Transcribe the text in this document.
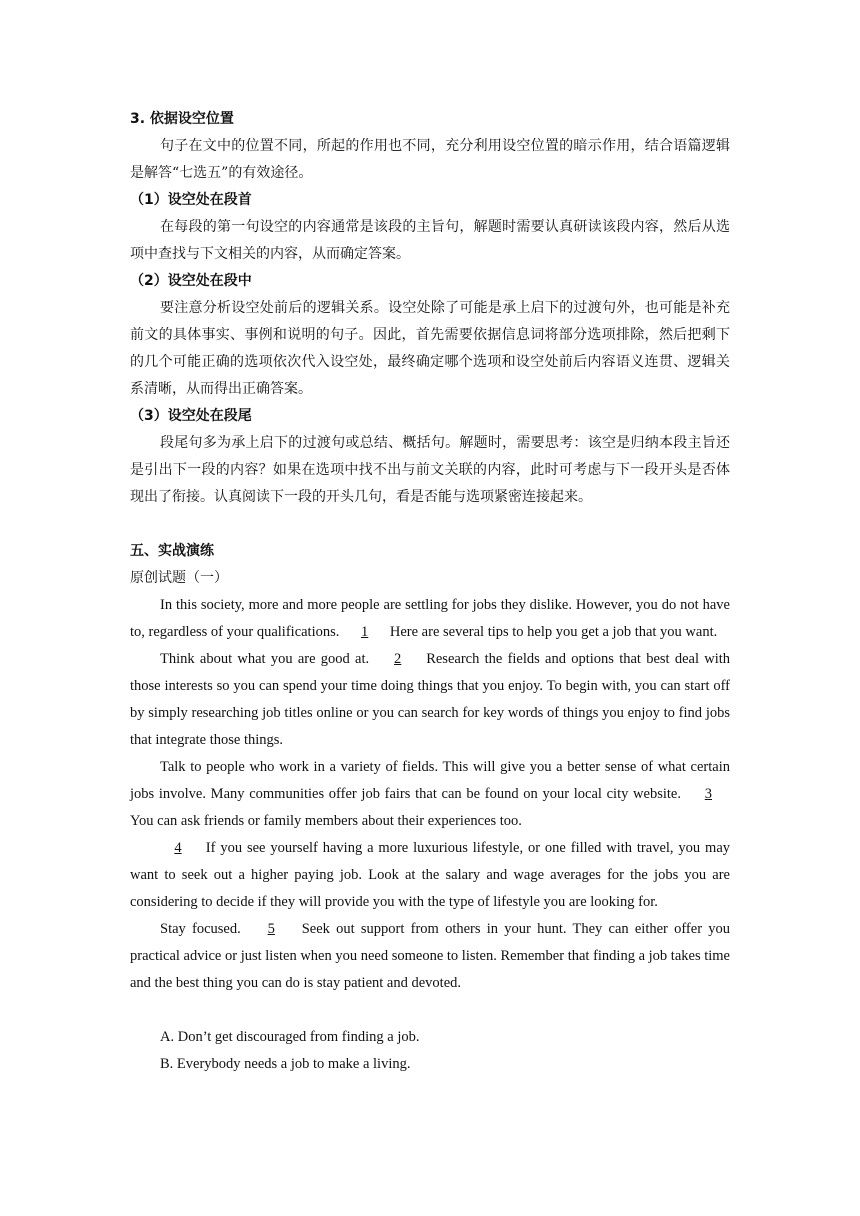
3. 依据设空位置

句子在文中的位置不同，所起的作用也不同，充分利用设空位置的暗示作用，结合语篇逻辑是解答“七选五”的有效途径。

（1）设空处在段首

在每段的第一句设空的内容通常是该段的主旨句，解题时需要认真研读该段内容，然后从选项中查找与下文相关的内容，从而确定答案。

（2）设空处在段中

要注意分析设空处前后的逻辑关系。设空处除了可能是承上启下的过渡句外，也可能是补充前文的具体事实、事例和说明的句子。因此，首先需要依据信息词将部分选项排除，然后把剩下的几个可能正确的选项依次代入设空处，最终确定哪个选项和设空处前后内容语义连贯、逻辑关系清晰，从而得出正确答案。

（3）设空处在段尾

段尾句多为承上启下的过渡句或总结、概括句。解题时，需要思考：该空是归纳本段主旨还是引出下一段的内容？如果在选项中找不出与前文关联的内容，此时可考虑与下一段开头是否体现出了衔接。认真阅读下一段的开头几句，看是否能与选项紧密连接起来。

五、实战演练

原创试题（一）

In this society, more and more people are settling for jobs they dislike. However, you do not have to, regardless of your qualifications. 1 Here are several tips to help you get a job that you want.

Think about what you are good at. 2 Research the fields and options that best deal with those interests so you can spend your time doing things that you enjoy. To begin with, you can start off by simply researching job titles online or you can search for key words of things you enjoy to find jobs that integrate those things.

Talk to people who work in a variety of fields. This will give you a better sense of what certain jobs involve. Many communities offer job fairs that can be found on your local city website. 3  You can ask friends or family members about their experiences too.

4 If you see yourself having a more luxurious lifestyle, or one filled with travel, you may want to seek out a higher paying job. Look at the salary and wage averages for the jobs you are considering to decide if they will provide you with the type of lifestyle you are looking for.

Stay focused. 5 Seek out support from others in your hunt. They can either offer you practical advice or just listen when you need someone to listen. Remember that finding a job takes time and the best thing you can do is stay patient and devoted.

A. Don’t get discouraged from finding a job.

B. Everybody needs a job to make a living.
